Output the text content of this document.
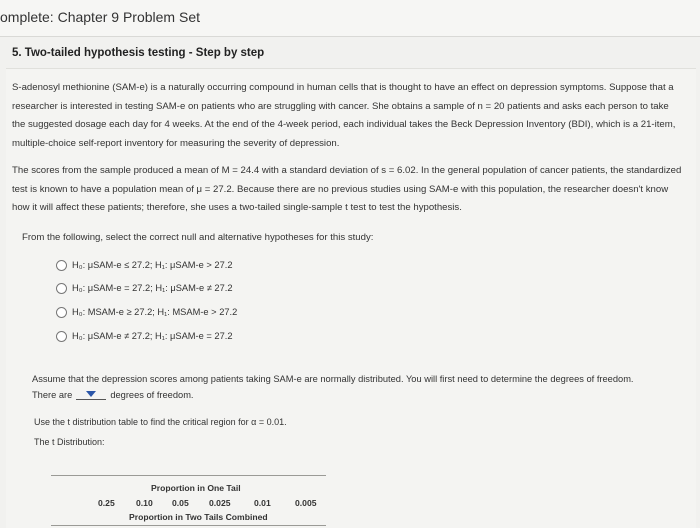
omplete: Chapter 9 Problem Set
5. Two-tailed hypothesis testing - Step by step
S-adenosyl methionine (SAM-e) is a naturally occurring compound in human cells that is thought to have an effect on depression symptoms. Suppose that a researcher is interested in testing SAM-e on patients who are struggling with cancer. She obtains a sample of n = 20 patients and asks each person to take the suggested dosage each day for 4 weeks. At the end of the 4-week period, each individual takes the Beck Depression Inventory (BDI), which is a 21-item, multiple-choice self-report inventory for measuring the severity of depression.
The scores from the sample produced a mean of M = 24.4 with a standard deviation of s = 6.02. In the general population of cancer patients, the standardized test is known to have a population mean of μ = 27.2. Because there are no previous studies using SAM-e with this population, the researcher doesn't know how it will affect these patients; therefore, she uses a two-tailed single-sample t test to test the hypothesis.
From the following, select the correct null and alternative hypotheses for this study:
H₀: μSAM-e ≤ 27.2; H₁: μSAM-e > 27.2
H₀: μSAM-e = 27.2; H₁: μSAM-e ≠ 27.2
H₀: MSAM-e ≥ 27.2; H₁: MSAM-e > 27.2
H₀: μSAM-e ≠ 27.2; H₁: μSAM-e = 27.2
Assume that the depression scores among patients taking SAM-e are normally distributed. You will first need to determine the degrees of freedom.
There are	degrees of freedom.
Use the t distribution table to find the critical region for α = 0.01.
The t Distribution:
Proportion in One Tail
0.25 0.10 0.05 0.025	0.01	0.005
Proportion in Two Tails Combined
